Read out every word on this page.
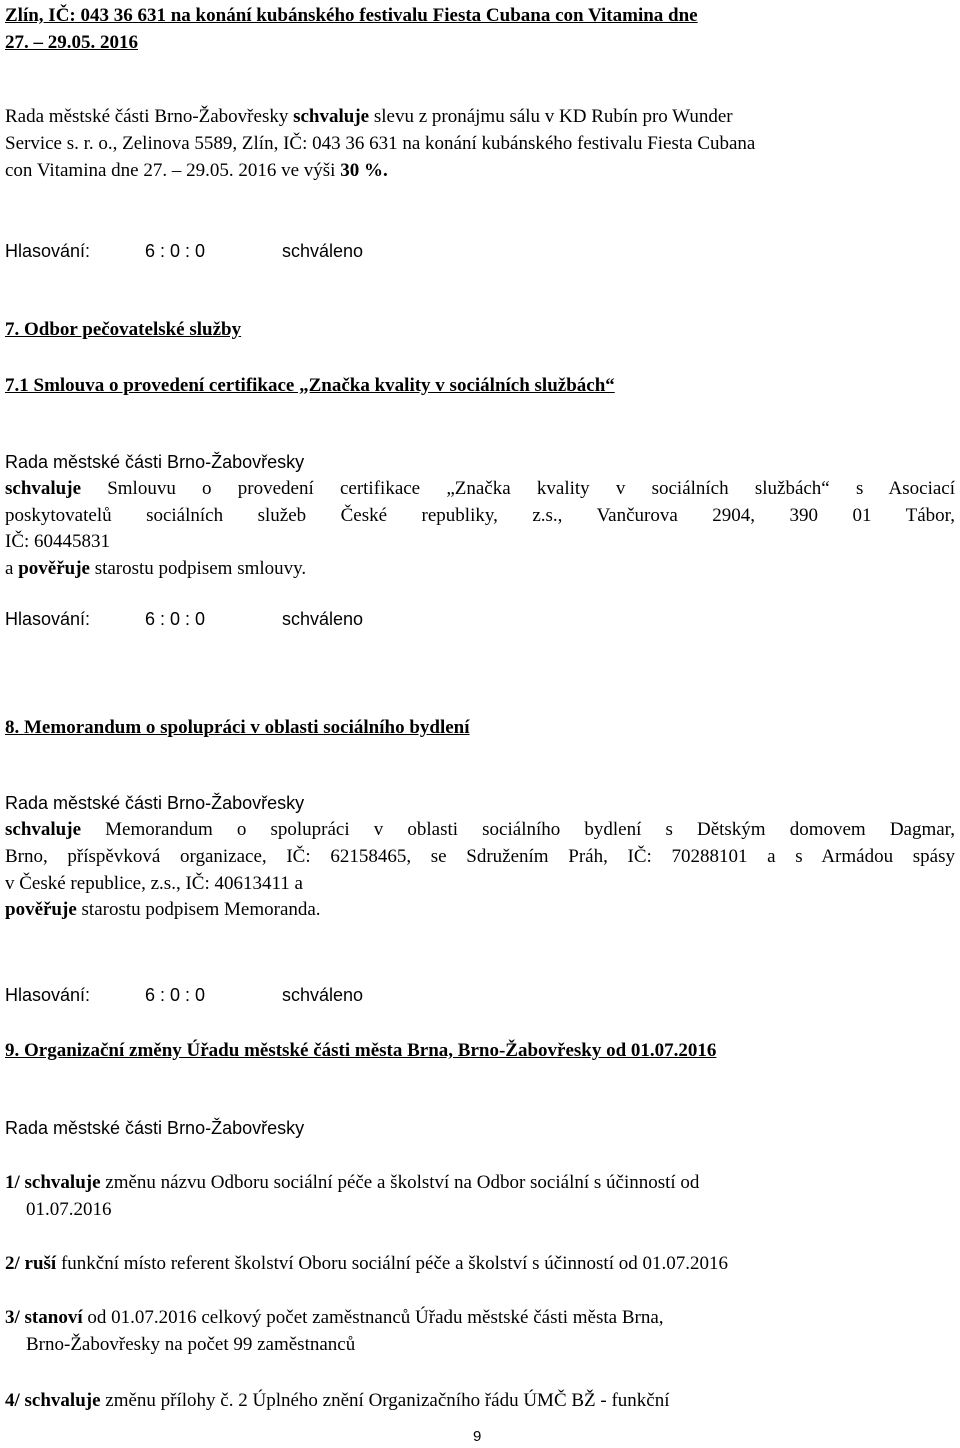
Zlín, IČ: 043 36 631 na konání kubánského festivalu Fiesta Cubana con Vitamina dne
27. – 29.05. 2016
Rada městské části Brno-Žabovřesky schvaluje slevu z pronájmu sálu v KD Rubín pro Wunder
Service s. r. o., Zelinova 5589, Zlín, IČ: 043 36 631 na konání kubánského festivalu Fiesta Cubana
con Vitamina dne 27. – 29.05. 2016 ve výši 30 %.
Hlasování:	6 : 0 : 0	schváleno
7. Odbor pečovatelské služby
7.1 Smlouva o provedení certifikace „Značka kvality v sociálních službách“
Rada městské části Brno-Žabovřesky
schvaluje Smlouvu o provedení certifikace „Značka kvality v sociálních službách“ s Asociací
poskytovatelů sociálních služeb České republiky, z.s., Vančurova 2904, 390 01 Tábor,
IČ: 60445831
a pověřuje starostu podpisem smlouvy.
Hlasování:	6 : 0 : 0	schváleno
8. Memorandum o spolupráci v oblasti sociálního bydlení
Rada městské části Brno-Žabovřesky
schvaluje Memorandum o spolupráci v oblasti sociálního bydlení s Dětským domovem Dagmar,
Brno, příspěvková organizace, IČ: 62158465, se Sdružením Práh, IČ: 70288101 a s Armádou spásy
v České republice, z.s., IČ: 40613411 a
pověřuje starostu podpisem Memoranda.
Hlasování:	6 : 0 : 0	schváleno
9. Organizační změny Úřadu městské části města Brna, Brno-Žabovřesky od 01.07.2016
Rada městské části Brno-Žabovřesky
1/ schvaluje změnu názvu Odboru sociální péče a školství na Odbor sociální s účinností od
01.07.2016
2/ ruší funkční místo referent školství Oboru sociální péče a školství s účinností od 01.07.2016
3/ stanoví od 01.07.2016 celkový počet zaměstnanců Úřadu městské části města Brna,
Brno-Žabovřesky na počet 99 zaměstnanců
4/ schvaluje změnu přílohy č. 2 Úplného znění Organizačního řádu ÚMČ BŽ - funkční
9
